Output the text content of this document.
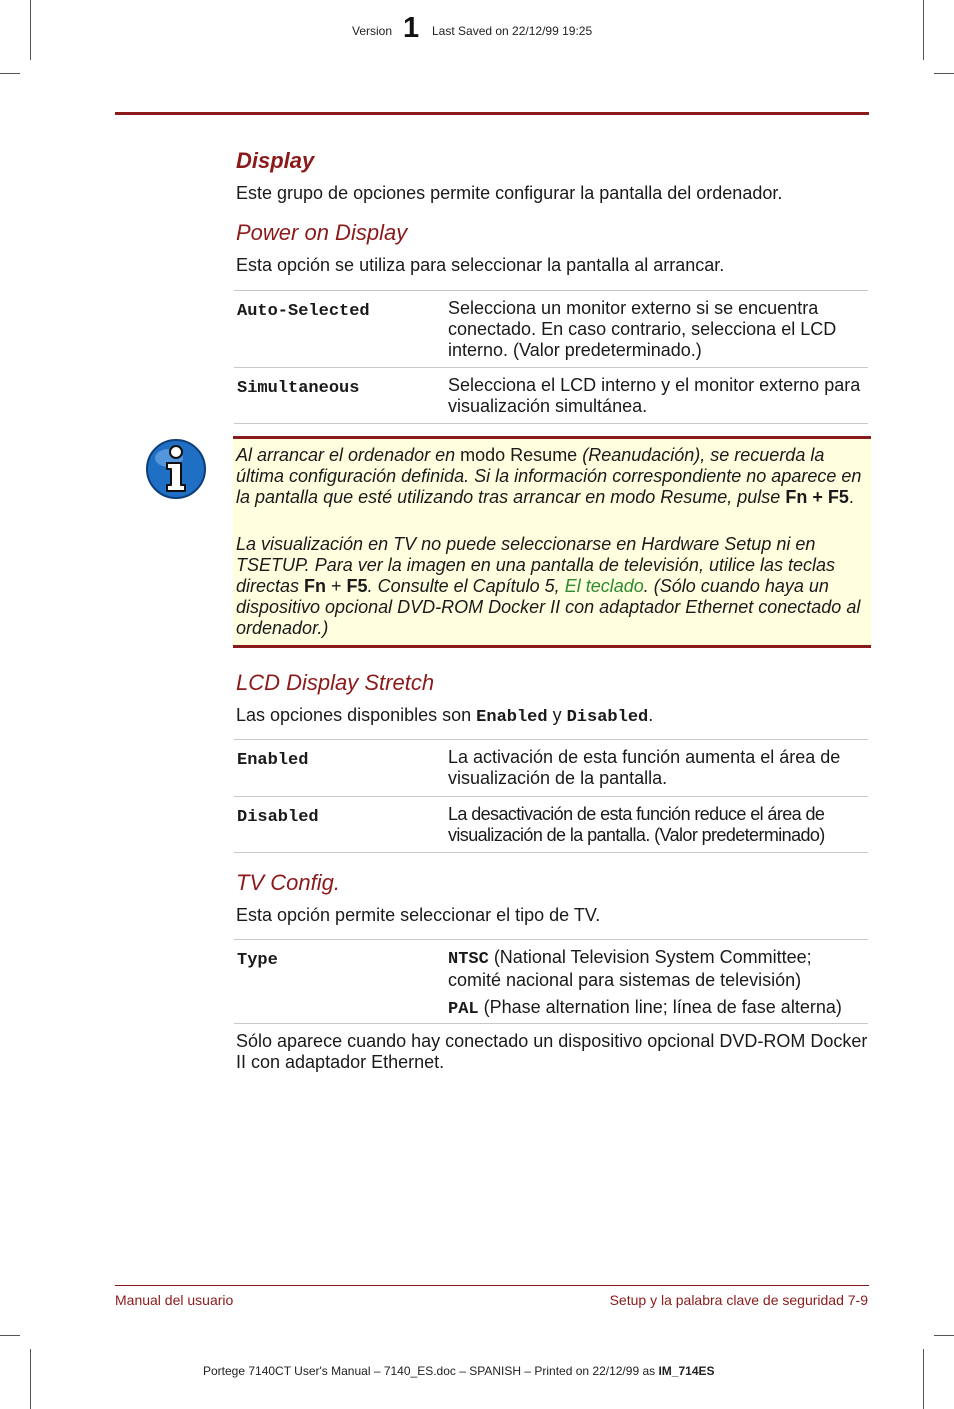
Version 1 Last Saved on 22/12/99 19:25
Display
Este grupo de opciones permite configurar la pantalla del ordenador.
Power on Display
Esta opción se utiliza para seleccionar la pantalla al arrancar.
Auto-Selected	Selecciona un monitor externo si se encuentra conectado. En caso contrario, selecciona el LCD interno. (Valor predeterminado.)
Simultaneous	Selecciona el LCD interno y el monitor externo para visualización simultánea.
Al arrancar el ordenador en modo Resume (Reanudación), se recuerda la última configuración definida. Si la información correspondiente no aparece en la pantalla que esté utilizando tras arrancar en modo Resume, pulse Fn + F5.
La visualización en TV no puede seleccionarse en Hardware Setup ni en TSETUP. Para ver la imagen en una pantalla de televisión, utilice las teclas directas Fn + F5. Consulte el Capítulo 5, El teclado. (Sólo cuando haya un dispositivo opcional DVD-ROM Docker II con adaptador Ethernet conectado al ordenador.)
LCD Display Stretch
Las opciones disponibles son Enabled y Disabled.
Enabled	La activación de esta función aumenta el área de visualización de la pantalla.
Disabled	La desactivación de esta función reduce el área de visualización de la pantalla. (Valor predeterminado)
TV Config.
Esta opción permite seleccionar el tipo de TV.
Type	NTSC (National Television System Committee; comité nacional para sistemas de televisión)
PAL (Phase alternation line; línea de fase alterna)
Sólo aparece cuando hay conectado un dispositivo opcional DVD-ROM Docker II con adaptador Ethernet.
Manual del usuario	Setup y la palabra clave de seguridad 7-9
Portege 7140CT User's Manual – 7140_ES.doc – SPANISH – Printed on 22/12/99 as IM_714ES
